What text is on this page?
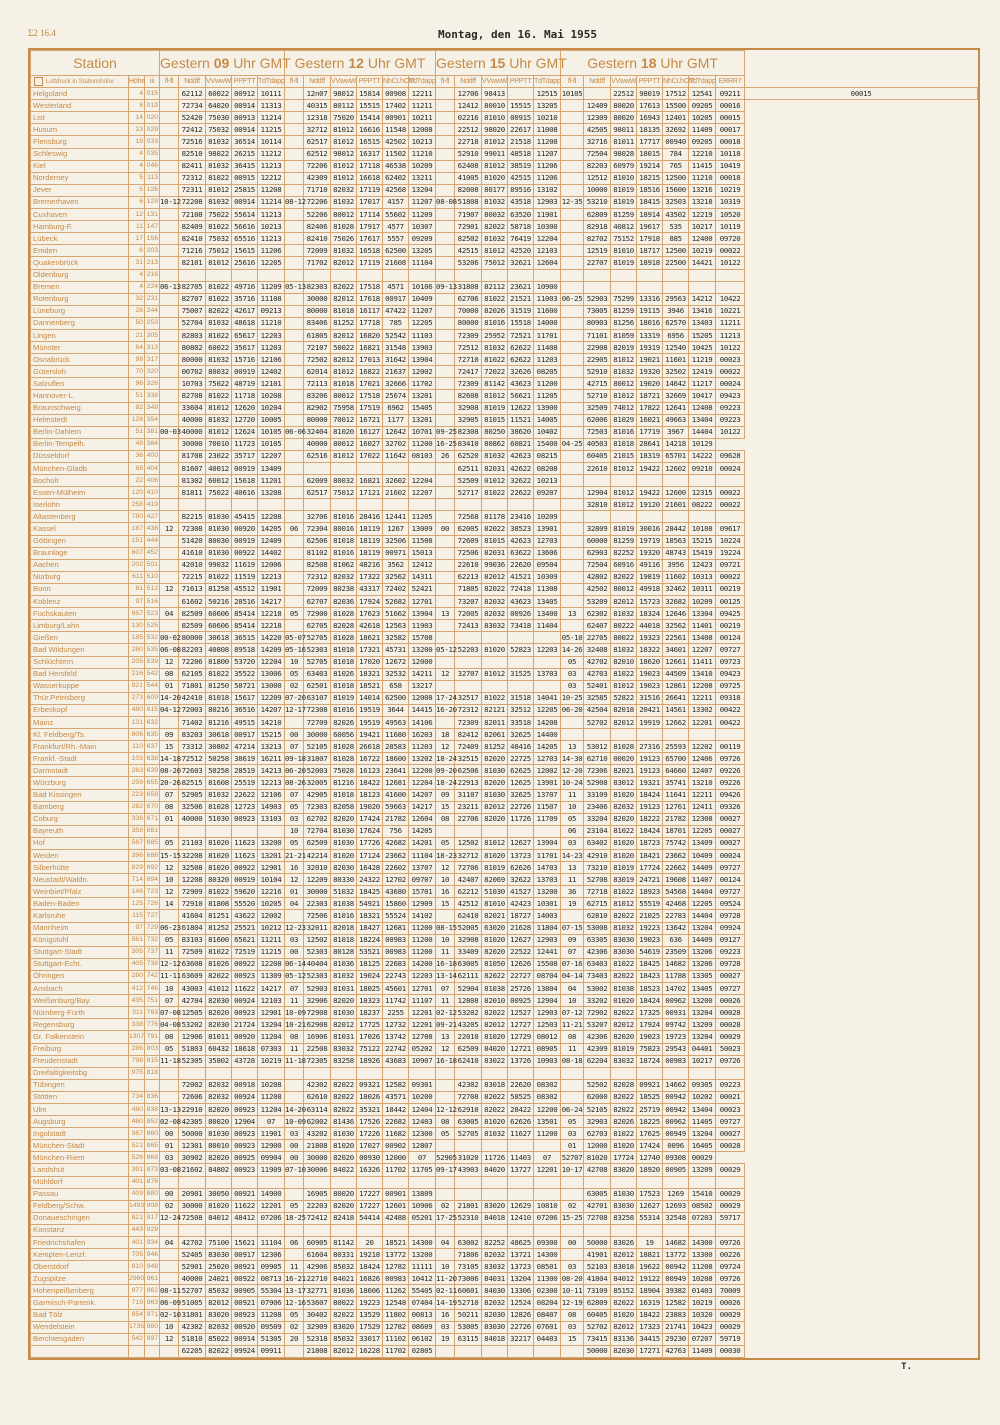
Σ2 16.4	Montag, den 16. Mai 1955
Station			Gestern 09 Uhr GMT					Gestern 12 Uhr GMT						Gestern 15 Uhr GMT					Gestern 18 Uhr GMT							
Luftdruck in Stationshöhe	Höhe	iii	fl-fl	Nddff	VVwwW	PPPTT	TdTdapp	fl-fl	Nddff	VVwwW	PPPTT	NhCLhCM	TdTdapp	fl-fl	Nddff	VVwwW	PPPTT	TdTdapp	fl-fl	Nddff	VVwwW	PPPTT	NhCLhCM	TdTdapp	ERRR7	
Helgoland	4	015		62112	60022	00912	10111		12n07	98012	15814	00908	12211		12706	98413		12515	10105		22512	98019	17512	12541	09211	00015
Westerland	8	019		72734	64020	00914	11313		40315	80112	15515	17402	11211		12412	80010	15515	13205		12409	80020	17613	15500	09205	00016	
List	14	020		52420	75030	00913	11214		12318	75020	15414	00901	10211		02216	81010	00915	10210		12309	80020	16943	12401	10205	00015	
Husum	13	029		72412	75032	00914	11215		32712	81012	16616	11548	12008		22512	98020	22617	11008		42505	98011	18135	32692	11409	00017	
Flensburg	19	033		72516	81032	36514	10114		62517	81012	16515	42502	10213		22718	81012	21518	11208		32716	81011	17717	00940	09205	00018	
Schleswig	4	035		82510	98022	26215	11212		62512	98012	16317	11502	11210		52910	99011	48518	11207		72504	98028	18015	784	12210	10118	
Kiel	4	046		82411	81032	36415	11213		72206	81012	17118	46538	10209		62408	81012	38519	11206		82203	60979	19214	765	11415	10419	
Norderney	5	113		72312	81022	00915	12212		42309	81012	16618	62402	13211		41005	81020	42515	11206		12512	81010	18215	12500	11210	00018	
Jever	5	126		72311	81012	25815	11208		71710	82032	17119	42568	13204		82008	80177	89516	13102		10000	81019	18516	15600	13216	10219	
Bremerhaven	6	129	10-12	72208	81032	00914	11214	08-12	72206	81032	17017	4157	11207	08-08	51808	81032	43518	12903	12-35	53210	81019	18415	32503	13218	10319	
Cuxhaven	12	131		72108	75022	55614	11213		52206	80012	17114	55602	11209		71907	80032	63520	11901		62809	81259	18914	43502	12219	10520	
Hamburg-F.	11	147		82409	81022	56616	10213		82406	81028	17917	4577	10307		72901	82022	58718	10300		82918	40812	19617	535	10217	10119	
Lübeck	17	156		82410	75032	65516	11213		82410	75026	17617	5557	09209		82502	81032	76419	12204		82702	75152	17918	885	12400	09720	
Emden	6	203		71216	75012	15615	11206		72009	81032	16518	62500	13205		42515	81012	42520	12103		12519	81010	18717	12500	10219	00022	
Quakenbrück	31	213		82101	81012	25616	12205		71702	82012	17119	21608	11104		53206	75012	32621	12604		22707	81019	18918	22500	14421	10122	
Oldenburg	4	216																								
Bremen	4	224	06-13	82705	81022	49716	11209	05-13	82303	82022	17518	4571	10106	09-13	31808	82112	23621	10900								
Rotenburg	32	231		82707	81022	35716	11108		30000	82012	17618	00917	10409		62706	81022	21521	11003	06-25	52903	75299	13316	29563	14212	10422	
Lüneburg	28	244		75007	82022	42617	09213		80000	81018	16117	47422	11207		70000	82026	31519	11600		73005	81259	19115	3946	13416	10221	
Dannenberg	50	253		52704	81032	48618	11210		83406	81252	17718	785	12205		80000	81016	15518	14000		80903	81256	18016	62570	13403	11211	
Lingen	21	305		82803	81022	65617	12203		61805	82012	16820	52542	11103		72309	25952	72521	11701		71101	81059	13319	6956	15205	11213	
Münster	64	313		80802	60022	35617	11203		72107	50022	16821	31548	13903		72512	81032	62622	11408		22908	82019	19319	12540	10425	10122	
Osnabrück	98	317		80000	81032	15716	12106		72502	82012	17013	31642	13904		72710	81022	62622	11203		22905	81012	19021	11601	11219	00023	
Gütersloh	70	320		00702	80032	00919	12402		62014	81012	16822	21637	12002		72417	72022	32626	08205		52910	81032	19320	32502	12419	00022	
Salzuflen	96	326		10703	75022	48719	12101		72113	81018	17021	32666	11702		72309	81142	43623	11200		42715	80012	19020	14642	11217	00024	
Hannover-L.	51	338		82708	81022	11718	10208		83206	80012	17518	25674	13201		82608	81012	56621	11205		52710	81012	18721	32669	10417	09423	
Braunschweig	82	348		33604	81012	12620	10204		82902	75958	17519	6962	15405		32908	81019	12622	13900		32509	74012	17822	12641	12408	09223	
Helmstedt	128	354		40000	81032	12720	10005		80000	70012	16721	1177	13201		32905	81015	11521	14005		62006	81029	16021	49663	13404	09223	
Berlin-Dahlem	51	381	00-03	40000	81012	12624	10105	06-06	32404	81020	16127	12642	10701	09-25	82308	80250	38620	10402		72503	81016	17719	3967	14404	10122	
Berlin-Tempelh.	48	384		30000	70010	11723	10105		40000	80012	16027	32702	11200	16-25	83410	80862	60821	15400	04-25	40503	81018	28641	14218	10129		
Düsseldorf	36	400		81708	23022	35717	12207		62516	81012	17022	11642	08103	26	62520	81032	42623	08215		60405	21015	18319	65701	14222	09628	
München-Gladb.	68	404		81607	40012	00919	13409								62511	82031	42622	08208		22610	81012	19422	12602	09210	00024	
Bocholt	22	406		81302	60012	15618	11201		62009	80032	16821	32602	12204		52509	01012	32622	10213								
Essen-Mülheim	120	410		81811	75022	40616	13208		62517	75012	17121	21602	12207		52717	81022	22622	09207		12904	81012	19422	12600	12315	00022	
Iserlohn	258	419																		32810	81012	19120	21601	08222	00022	
Altastenberg	780	427		82215	81030	45415	12208		32706	81016	28416	12441	11205		72568	81178	23416	10209								
Kassel	187	438	12	72308	81030	00920	14205	06	72304	80016	18119	1267	13009	00	62005	82022	38523	13901		32809	81019	30016	28442	10108	09617	
Göttingen	151	444		51420	80030	00919	12409		62506	81018	18119	32506	11508		72609	81015	42623	12703		60000	81259	19719	18563	15215	10224	
Braunlage	607	452		41610	81030	00922	14402		81102	81016	18119	00971	15013		72506	82031	63622	13606		62903	82252	19320	48743	15419	19224	
Aachen	202	501		42010	99032	11619	12006		82508	81062	48216	3562	12412		22610	99036	22620	09504		72504	60916	49116	3956	12423	09721	
Nürburg	611	510		72215	81022	11519	12213		72312	82032	17322	32562	14311		62213	82012	41521	10309		42802	82022	19819	11602	10313	00022	
Bonn	61	512	12	71613	81258	45512	11901		72009	80238	43317	72402	52421		71805	82022	72418	11308		42502	80012	49918	32462	10311	00219	
Koblenz	97	516		61602	50216	28516	14217		62707	82036	17924	52682	12701		73207	82032	43623	13405		53209	82012	15723	32682	10209	00125	
Fuchskauten	657	523	04	82509	60606	85414	12218	05	72900	81028	17623	51662	13904	13	72005	82032	00926	13400	13	62302	81032	18324	12646	13304	09425	
Limburg/Lahn	130	525		82509	60606	85414	12218		62705	82028	42618	12563	11903		72413	83032	73418	11404		62407	80222	44018	32562	11401	00219	
Gießen	185	532	00-02	80000	30618	36515	14220	05-07	52705	81028	18621	32582	15708						05-10	22705	80022	19323	22561	13408	00124	
Bad Wildungen	280	535	06-08	82203	40808	89518	14209	05-16	52303	81018	17321	45731	13200	05-12	52203	81020	52823	12203	14-26	32408	81032	18322	34601	12207	09727	
Schlüchtern	205	539	12	72206	81800	53720	12204	10	52705	81018	17020	12672	12000						05	42702	82010	18620	12661	11411	09723	
Bad Hersfeld	216	542	08	62105	81022	35522	13006	05	63403	81026	18321	32532	14211	12	32707	81012	31525	13703	03	42703	81022	19023	44509	13410	09423	
Wasserkuppe	921	544	01	71801	81250	58721	13000	02	62501	81018	18521	658	13217						03	52401	81012	19023	12861	12208	09725	
Thür.Petrisberg	273	609	14-20	42410	81018	15617	12209	07-20	63107	81019	14014	62500	12008	17-24	32517	81022	31518	14041	10-25	32585	52822	31516	26641	12211	09318	
Erbeskopf	480	615	04-12	72003	80216	36516	14207	12-17	72308	81016	19519	3644	14415	16-20	72312	82121	32512	12205	06-20	42504	82018	20421	14561	13302	00422	
Mainz	131	632		71402	81216	49515	14210		72709	82026	19519	49563	14106		72309	82011	33518	14208		52702	82012	19919	12662	12201	00422	
Kl. Feldberg/Ts.	806	635	09	83203	30618	00917	15215	00	30000	60056	19421	11680	16203	18	82412	82061	32625	14400								
Frankfurt/Rh.-Main	110	637	15	73312	30802	47214	13213	07	52105	81028	26618	28583	11203	12	72409	81252	48416	14205	13	53012	81028	27316	25593	12202	00119	
Frankf.-Stadt	103	638	14-18	72512	50258	38619	16211	09-18	31807	81028	16722	18600	13202	18-24	32515	82020	22725	12703	14-30	62710	00020	19123	65700	12406	09726	
Darmstadt	263	639	08-20	72603	50258	28519	14213	06-20	52003	75028	16123	23641	12200	09-20	62506	81030	62625	12002	12-20	72306	82021	19123	64660	12407	09226	
Würzburg	259	655	20-26	82515	81608	25519	12213	08-26	32005	81216	18422	12681	12204	18-24	22913	82020	12625	13901	10-24	52908	83012	19321	35741	13210	09226	
Bad Kissingen	223	658	07	52905	81032	22622	12106	07	42905	81018	18123	41600	14207	09	31107	81030	32625	13707	11	33109	81020	18424	11641	12211	09426	
Bamberg	282	670	08	32506	81028	12723	14903	05	72303	82058	19020	59663	14217	15	23211	82012	22726	11507	10	23406	82032	19123	12761	12411	09326	
Coburg	336	671	01	40000	51030	00923	13103	03	62702	82020	17424	21782	12604	08	22706	82020	11726	11709	05	33204	82020	18222	21782	12308	00027	
Bayreuth	358	681						10	72704	81030	17624	756	14205						06	23104	81022	18424	18701	12205	00027	
Hof	567	685	05	21103	81020	11623	13200	05	62509	81030	17726	42682	14201	05	12502	81012	12627	13904	03	63402	81020	18723	75742	13409	00027	
Weiden	396	688	15-15	32208	81020	11623	13201	21-21	42214	81020	17124	23662	11104	18-23	32712	81020	13723	11701	14-23	42910	81020	18421	23662	10409	00024	
Silberhütte	829	692	12	32508	81020	00922	12901	16	32010	82030	16428	22602	13707	12	72706	81019	62626	14703	13	73210	81019	17724	22662	14409	09727	
Neustadt/Waldn.	714	694	10	12208	80320	00919	10104	12	12209	80330	24322	12702	09707	10	42407	82069	32622	13703	11	52708	83019	24721	19608	11407	00124	
Weinbiet/Pfalz	146	723	12	72909	81022	59620	12216	01	30000	51032	18425	43680	15701	16	62212	51030	41527	13200	36	72718	81022	18923	54568	14404	09727	
Baden-Baden	125	726	14	72910	81808	55520	10205	04	22303	81038	54921	15860	12909	15	42512	81010	42423	10301	19	62715	81012	55519	42468	12205	09524	
Karlsruhe	115	727		41604	81251	43622	12002		72506	81016	18321	55524	14102		62410	82021	18727	14003		62810	82022	21025	22783	14404	09728	
Mannheim	97	729	06-23	61804	81252	25521	10212	12-23	32011	82018	18427	12681	11200	08-15	52005	63020	21628	11804	07-15	53008	81032	19223	13642	13204	09924	
Königstuhl	561	732	05	83103	81600	65621	11211	03	12502	81018	18224	00983	11200	10	32908	81020	12627	12903	09	63305	83030	19023	636	14409	09127	
Stuttgart-Stadt	305	737	11	72509	81022	72519	11215	00	52303	80128	53521	00983	11200	11	33409	82020	22522	12441	07	42306	83030	54619	23509	13206	09223	
Stuttgart-Echt.	405	738	12-12	63608	81026	00922	12208	06-14	40404	81036	18125	22683	14200	16-18	63005	81050	12626	15508	07-16	63403	81022	18425	14682	13206	09728	
Öhringen	280	742	11-11	63609	82022	00923	11309	05-12	52303	81032	19024	22743	12203	13-14	62111	82022	22727	08704	04-14	73403	82022	18423	11788	13305	00027	
Ansbach	412	746	10	43003	41012	11622	14217	07	52903	81031	18025	45601	12701	07	52904	81038	25726	13804	04	53002	81038	18523	14702	13405	09727	
Weißenburg/Bay.	435	751	07	42704	82030	00924	12103	11	32906	82020	18323	11742	11107	11	12808	82010	00925	12904	10	33202	01020	18424	00962	13200	00026	
Nürnberg-Fürth	311	763	07-08	12505	82020	00923	12901	10-09	72908	81030	18237	2255	12201	02-12	53202	82022	12527	12903	07-12	72902	82022	17325	00931	13204	00028	
Regensburg	338	776	04-08	53202	82030	21724	13204	10-21	62908	82012	17725	12732	12201	09-21	43205	82012	12727	12503	11-21	53207	82012	17924	09742	13209	00028	
Gr. Falkenstein	1307	791	08	12906	81011	00920	11204	08	16906	81031	17026	13742	12708	13	22010	81020	12729	08012	08	42306	82020	19023	19723	13204	00029	
Freiburg	286	803	05	51803	60432	18618	07303	11	22508	83032	75122	22742	05202	12	62509	84020	12721	08905	11	42309	81019	75823	29543	04401	50023	
Freudenstadt	798	815	11-18	52305	35802	43728	10219	11-18	72305	83258	18926	43683	10907	16-18	62410	83022	13726	10903	08-18	62204	83032	18724	00983	10217	09726	
Dreifaltigkeitsbg.	975	818																								
Tübingen				72002	82032	00918	10208		42302	82022	09321	12582	09301		42302	83018	22620	08302		52502	82028	09921	14662	09305	09223	
Stötten	734	836		72606	82032	00924	11208		62610	82022	18026	43571	10200		72708	82022	58525	08302		62000	82022	18525	00942	10202	00021	
Ulm	480	838	13-13	22910	82020	00923	11204	14-20	63114	82022	35321	18442	12404	12-12	62910	82022	28422	12200	06-24	52105	82022	25719	00942	13404	00023	
Augsburg	480	852	02-08	42305	80020	12904	07	10-09	62002	81436	17526	22682	12403	08	63005	81020	62626	13501	05	32903	82026	18225	00962	11405	09727	
Ingolstadt	367	860	00	50000	81030	00923	11901	03	43202	81030	17226	11682	12300	05	52705	81032	11627	11200	03	62703	81022	17625	00949	13204	00027	
München-Stadt	521	865	01	12301	80010	00923	12900	00	21808	81020	17027	00902	12807						01	12000	81020	17424	0096	16405	00028	
München-Riem	526	868	03	30902	82020	00925	09904	00	30000	82020	00930	12000	07	52905	31020	11726	11403	07	52707	81020	17724	12740	09308	00029		
Landshut	391	873	03-08	21602	84802	00923	11909	07-10	30006	84022	16326	11702	11705	09-17	43903	84020	13727	12201	10-17	42708	83020	18920	00905	13209	00029	
Mühldorf	401	876																								
Passau	409	880	00	20901	30050	00921	14900		16905	80020	17227	00901	13809							63005	81030	17523	1269	15410	00029	
Feldberg/Schw.	1493	908	02	30000	81020	11622	12201	05	22203	82020	17227	12601	10906	02	21801	83020	12629	10810	02	42701	83030	12627	12693	08502	00029	
Donaueschingen	821	917	12-24	72508	84012	48412	07206	18-25	72412	82418	54414	42488	05201	17-25	52310	84018	12410	07206	15-25	72708	83258	55314	32548	07203	59717	
Konstanz	443	929																								
Friedrichshafen	401	934	04	42702	75100	15621	11104	06	60905	81142	20	18521	14300	04	63002	82252	48625	09300	00	50000	83026	19	14682	14300	09726	
Kempten-Lenzf.	705	946		52405	83030	00917	12306		61604	80331	19218	13772	13200		71806	82032	13721	14300		41901	82012	18821	13772	13300	00226	
Oberstdorf	810	948		52901	25020	00921	09905	11	42906	85032	18424	12782	11111	10	73105	83032	13723	08501	03	52103	83018	19622	00942	11208	09724	
Zugspitze	2960	961		40000	24021	00922	08713	16-21	22710	84021	16826	00983	10412	11-20	73006	84031	13204	11300	08-20	41804	84012	19122	00949	10208	09726	
Hohenpeißenberg	977	962	08-11	52707	85032	00905	55304	13-17	32771	81036	18606	11262	55405	02-11	60601	84030	13306	02300	10-11	73109	85152	18904	39382	01403	70009	
Garmisch-Partenk.	719	963	06-09	51005	82012	00921	07906	12-16	53607	80022	19223	12548	07404	14-19	52710	82032	12524	08204	12-19	62809	82022	16319	12582	10219	00026	
Bad Tölz	654	971	02-10	31801	83020	00923	11208	05	30402	82022	13529	11802	00813	16	50211	82030	12826	08407	08	60405	81020	18422	23883	10320	00029	
Wendelstein	1735	980	10	42302	82032	00920	09509	02	32909	83020	17529	12782	08609	03	53005	83030	22726	07601	03	52702	82012	17323	21741	10423	00029	
Berchtesgaden	542	997	12	51810	85022	00914	51305	20	52318	85032	33017	11102	06102	19	63115	84018	32217	04403	15	73415	83136	34415	29230	07207	59719	
				62205	82022	09924	09911		21808	82012	16228	11702	02805							50000	82030	17271	42763	11409	00030	
T.
